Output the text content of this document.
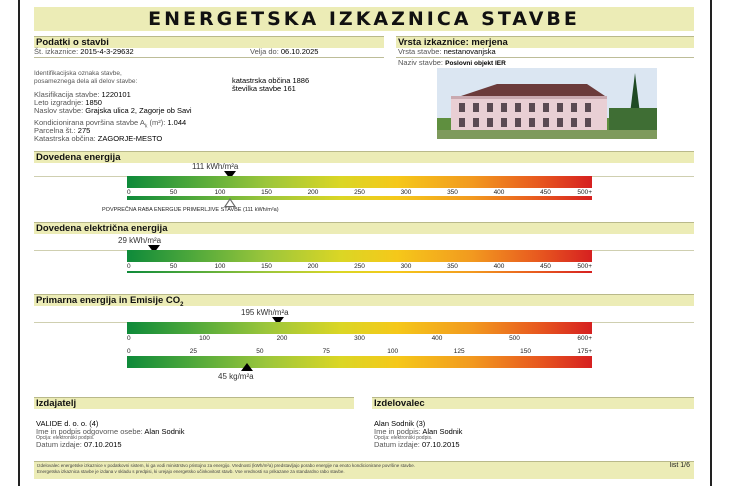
ENERGETSKA IZKAZNICA STAVBE
Podatki o stavbi
Št. izkaznice: 2015-4-3-29632	Velja do: 06.10.2025
Identifikacijska oznaka stavbe,
posameznega dela ali delov stavbe:	katastrska občina 1886
številka stavbe 161
Klasifikacija stavbe: 1220101
Leto izgradnje: 1850
Naslov stavbe: Grajska ulica 2, Zagorje ob Savi
Kondicionirana površina stavbe $A_k$ (m²): 1.044
Parcelna št.: 275
Katastrska občina: ZAGORJE-MESTO
Vrsta izkaznice: merjena
Vrsta stavbe: nestanovanjska
Naziv stavbe: Poslovni objekt IER
Dovedena energija
111 kWh/m²a
0	50	100	150	200	250	300	350	400	450	500+
POVPREČNA RABA ENERGIJE PRIMERLJIVE STAVBE (111 kWh/m²a)
Dovedena električna energija
29 kWh/m²a
0	50	100	150	200	250	300	350	400	450	500+
Primarna energija in Emisije $CO_2$
195 kWh/m²a
0	100	200	300	400	500	600+
0	25	50	75	100	125	150	175+
45 kg/m²a
Izdajatelj
VALIDE d. o. o. (4)
Ime in podpis odgovorne osebe: Alan Sodnik
Opcija: elektronski podpis.
Datum izdaje: 07.10.2015
Izdelovalec
Alan Sodnik (3)
Ime in podpis: Alan Sodnik
Opcija: elektronski podpis.
Datum izdaje: 07.10.2015
Izdelovalec energetske izkaznice v podatkovni sistem, ki ga vodi ministrstvo pristojno za energijo. Vrednosti (kWh/m²a) predstavljajo porabo energije na enoto kondicionirane površine stavbe.
Energetska izkaznica stavbe je izdana v skladu s predpisi, ki urejajo energetsko učinkovitost stavb. Vse vrednosti so prikazane za standardno rabo stavbe.
list 1/6
